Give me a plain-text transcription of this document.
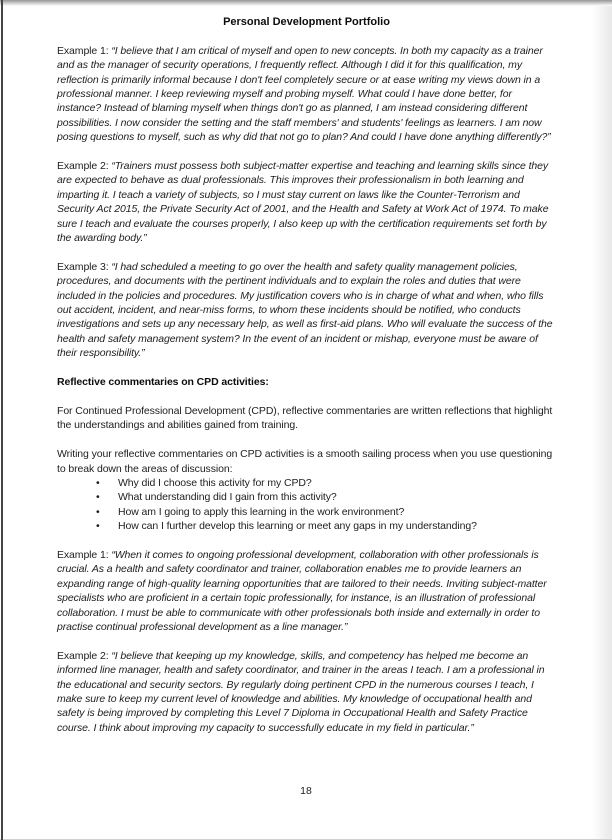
Personal Development Portfolio

Example 1: “I believe that I am critical of myself and open to new concepts. In both my capacity as a trainer and as the manager of security operations, I frequently reflect. Although I did it for this qualification, my reflection is primarily informal because I don't feel completely secure or at ease writing my views down in a professional manner. I keep reviewing myself and probing myself. What could I have done better, for instance? Instead of blaming myself when things don't go as planned, I am instead considering different possibilities. I now consider the setting and the staff members' and students' feelings as learners. I am now posing questions to myself, such as why did that not go to plan? And could I have done anything differently?”

Example 2: “Trainers must possess both subject-matter expertise and teaching and learning skills since they are expected to behave as dual professionals. This improves their professionalism in both learning and imparting it. I teach a variety of subjects, so I must stay current on laws like the Counter-Terrorism and Security Act 2015, the Private Security Act of 2001, and the Health and Safety at Work Act of 1974. To make sure I teach and evaluate the courses properly, I also keep up with the certification requirements set forth by the awarding body.”

Example 3: “I had scheduled a meeting to go over the health and safety quality management policies, procedures, and documents with the pertinent individuals and to explain the roles and duties that were included in the policies and procedures. My justification covers who is in charge of what and when, who fills out accident, incident, and near-miss forms, to whom these incidents should be notified, who conducts investigations and sets up any necessary help, as well as first-aid plans. Who will evaluate the success of the health and safety management system? In the event of an incident or mishap, everyone must be aware of their responsibility.”

Reflective commentaries on CPD activities:

For Continued Professional Development (CPD), reflective commentaries are written reflections that highlight the understandings and abilities gained from training.

Writing your reflective commentaries on CPD activities is a smooth sailing process when you use questioning to break down the areas of discussion:

• Why did I choose this activity for my CPD?
• What understanding did I gain from this activity?
• How am I going to apply this learning in the work environment?
• How can I further develop this learning or meet any gaps in my understanding?

Example 1: “When it comes to ongoing professional development, collaboration with other professionals is crucial. As a health and safety coordinator and trainer, collaboration enables me to provide learners an expanding range of high-quality learning opportunities that are tailored to their needs. Inviting subject-matter specialists who are proficient in a certain topic professionally, for instance, is an illustration of professional collaboration. I must be able to communicate with other professionals both inside and externally in order to practise continual professional development as a line manager.”

Example 2: “I believe that keeping up my knowledge, skills, and competency has helped me become an informed line manager, health and safety coordinator, and trainer in the areas I teach. I am a professional in the educational and security sectors. By regularly doing pertinent CPD in the numerous courses I teach, I make sure to keep my current level of knowledge and abilities. My knowledge of occupational health and safety is being improved by completing this Level 7 Diploma in Occupational Health and Safety Practice course. I think about improving my capacity to successfully educate in my field in particular.”

18
